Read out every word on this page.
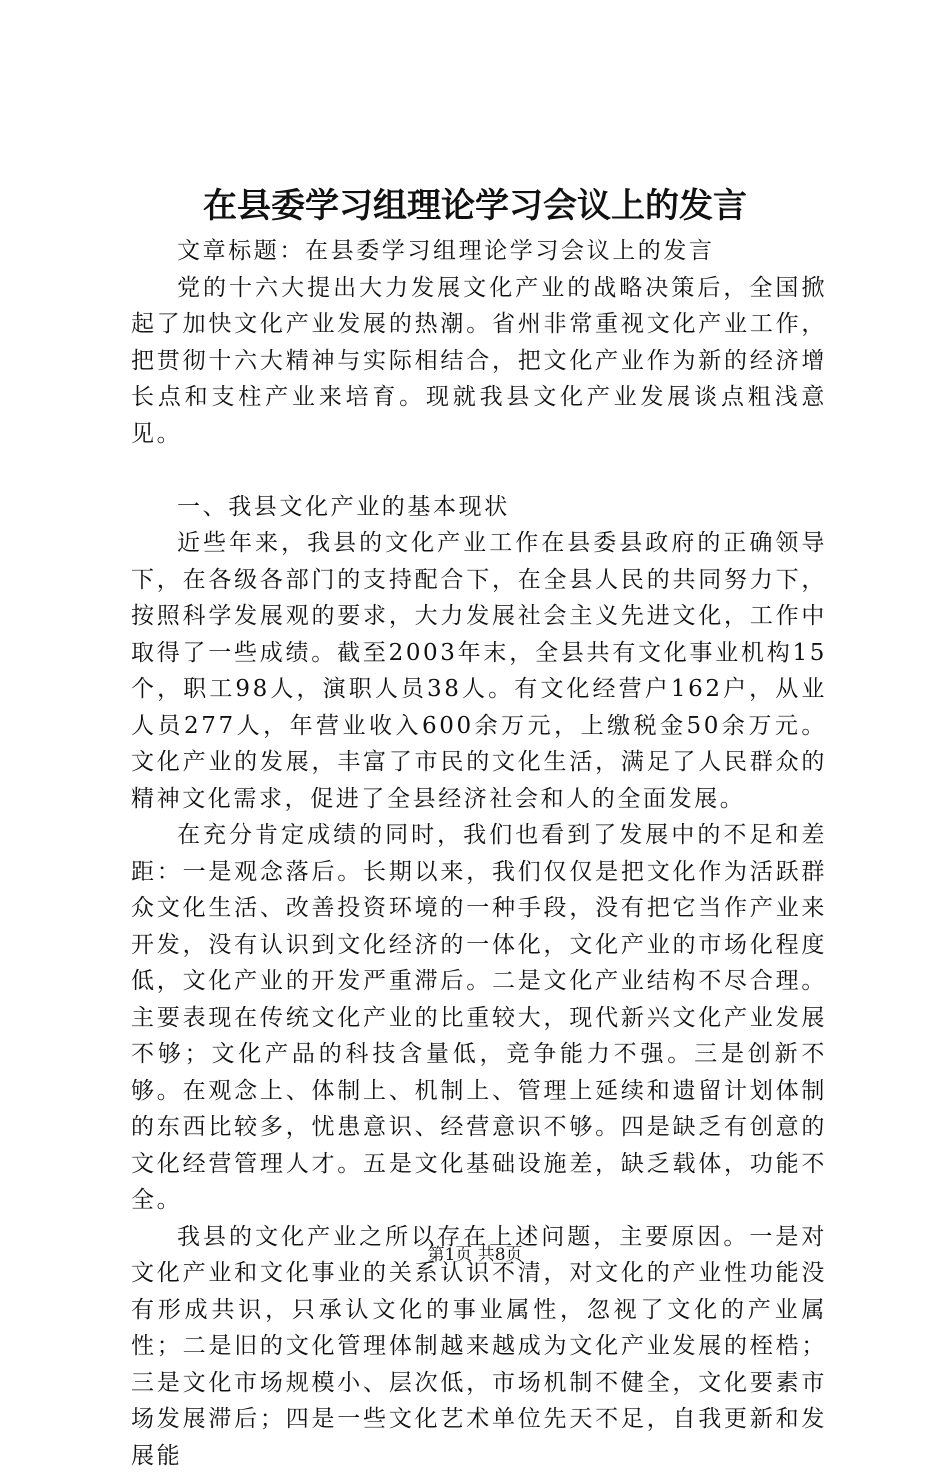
在县委学习组理论学习会议上的发言

文章标题：在县委学习组理论学习会议上的发言

党的十六大提出大力发展文化产业的战略决策后，全国掀起了加快文化产业发展的热潮。省州非常重视文化产业工作，把贯彻十六大精神与实际相结合，把文化产业作为新的经济增长点和支柱产业来培育。现就我县文化产业发展谈点粗浅意见。

一、我县文化产业的基本现状

近些年来，我县的文化产业工作在县委县政府的正确领导下，在各级各部门的支持配合下，在全县人民的共同努力下，按照科学发展观的要求，大力发展社会主义先进文化，工作中取得了一些成绩。截至2003年末，全县共有文化事业机构15个，职工98人，演职人员38人。有文化经营户162户，从业人员277人，年营业收入600余万元，上缴税金50余万元。文化产业的发展，丰富了市民的文化生活，满足了人民群众的精神文化需求，促进了全县经济社会和人的全面发展。

在充分肯定成绩的同时，我们也看到了发展中的不足和差距：一是观念落后。长期以来，我们仅仅是把文化作为活跃群众文化生活、改善投资环境的一种手段，没有把它当作产业来开发，没有认识到文化经济的一体化，文化产业的市场化程度低，文化产业的开发严重滞后。二是文化产业结构不尽合理。主要表现在传统文化产业的比重较大，现代新兴文化产业发展不够；文化产品的科技含量低，竞争能力不强。三是创新不够。在观念上、体制上、机制上、管理上延续和遗留计划体制的东西比较多，忧患意识、经营意识不够。四是缺乏有创意的文化经营管理人才。五是文化基础设施差，缺乏载体，功能不全。

我县的文化产业之所以存在上述问题，主要原因。一是对文化产业和文化事业的关系认识不清，对文化的产业性功能没有形成共识，只承认文化的事业属性，忽视了文化的产业属性；二是旧的文化管理体制越来越成为文化产业发展的桎梏；三是文化市场规模小、层次低，市场机制不健全，文化要素市场发展滞后；四是一些文化艺术单位先天不足，自我更新和发展能

第1页 共8页
